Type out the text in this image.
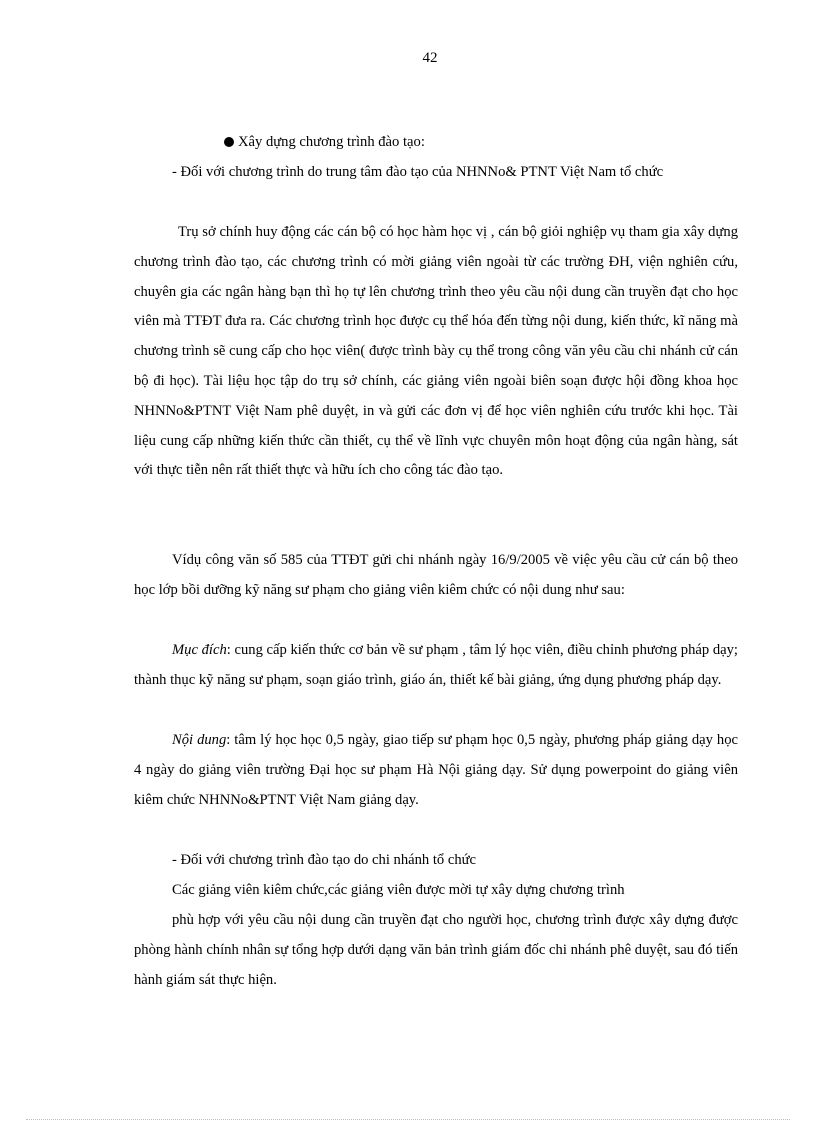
42
Xây dựng chương trình đào tạo:

- Đối với chương trình do trung tâm đào tạo của NHNNo& PTNT Việt Nam tổ chức

Trụ sở chính huy động các cán bộ có học hàm học vị , cán bộ giỏi nghiệp vụ tham gia xây dựng chương trình đào tạo, các chương trình có mời giảng viên ngoài từ các trường ĐH, viện nghiên cứu, chuyên gia các ngân hàng bạn thì họ tự lên chương trình theo yêu cầu nội dung cần truyền đạt cho học viên mà TTĐT đưa ra. Các chương trình học được cụ thể hóa đến từng nội dung, kiến thức, kĩ năng mà chương trình sẽ cung cấp cho học viên( được trình bày cụ thể trong công văn yêu cầu chi nhánh cử cán bộ đi học). Tài liệu học tập do trụ sở chính, các giảng viên ngoài biên soạn được hội đồng khoa học NHNNo&PTNT Việt Nam phê duyệt, in và gửi các đơn vị để học viên nghiên cứu trước khi học. Tài liệu cung cấp những kiến thức cần thiết, cụ thể về lĩnh vực chuyên môn hoạt động của ngân hàng, sát với thực tiễn nên rất thiết thực và hữu ích cho công tác đào tạo.

Vídụ công văn số 585 của TTĐT gửi chi nhánh ngày 16/9/2005 về việc yêu cầu cử cán bộ theo học lớp bồi dưỡng kỹ năng sư phạm cho giảng viên kiêm chức có nội dung như sau:

Mục đích: cung cấp kiến thức cơ bản về sư phạm , tâm lý học viên, điều chỉnh phương pháp dạy; thành thục kỹ năng sư phạm, soạn giáo trình, giáo án, thiết kế bài giảng, ứng dụng phương pháp dạy.

Nội dung: tâm lý học học 0,5 ngày, giao tiếp sư phạm học 0,5 ngày, phương pháp giảng dạy học 4 ngày do giảng viên trường Đại học sư phạm Hà Nội giảng dạy. Sử dụng powerpoint do giảng viên kiêm chức NHNNo&PTNT Việt Nam giảng dạy.

- Đối với chương trình đào tạo do chi nhánh tổ chức

Các giảng viên kiêm chức,các giảng viên được mời tự xây dựng chương trình

phù hợp với yêu cầu nội dung cần truyền đạt cho người học, chương trình được xây dựng được phòng hành chính nhân sự tổng hợp dưới dạng văn bản trình giám đốc chi nhánh phê duyệt, sau đó tiến hành giám sát thực hiện.
